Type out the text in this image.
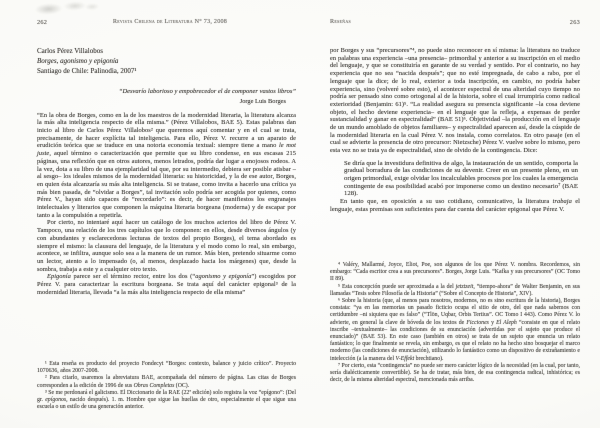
262	Revista Chilena de Literatura N° 73, 2008	Reseñas	263
Carlos Pérez Villalobos
Borges, agonismo y epigonía
Santiago de Chile: Palinodia, 2007¹
“Desvarío laborioso y empobrecedor el de componer vastos libros”
Jorge Luis Borges

“En la obra de Borges, como en la de los maestros de la modernidad literaria, la literatura alcanza la más alta inteligencia respecto de ella misma.” (Pérez Villalobos, BAE 5). Estas palabras dan inicio al libro de Carlos Pérez Villalobos² que queremos aquí comentar y en el cual se trata, precisamente, de hacer explícita tal inteligencia. Para ello, Pérez V. recurre a un aparato de erudición teórica que se traduce en una notoria economía textual: siempre tiene a mano le mot juste, aquel término o caracterización que permite que su libro condense, en sus escasas 215 páginas, una reflexión que en otros autores, menos letrados, podría dar lugar a enojosos rodeos. A la vez, dota a su libro de una ejemplaridad tal que, por su intermedio, debiera ser posible atisbar –al sesgo– los ideales mismos de la modernidad literaria: su historicidad, y la de ese autor, Borges, en quien ésta alcanzaría su más alta inteligencia. Si se tratase, como invita a hacerlo una crítica ya más bien pasada, de “olvidar a Borges”, tal invitación solo podría ser acogida por quienes, como Pérez V., hayan sido capaces de “recordarlo”: es decir, de hacer manifiestos los engranajes intelectuales y literarios que componen la máquina literaria borgeana (moderna) y de escapar por tanto a la compulsión a repetirla.

Por cierto, no intentaré aquí hacer un catálogo de los muchos aciertos del libro de Pérez V. Tampoco, una relación de los tres capítulos que lo componen: en ellos, desde diversos ángulos (y con abundantes y esclarecedoras lecturas de textos del propio Borges), el tema abordado es siempre el mismo: la clausura del lenguaje, de la literatura y el modo como lo real, sin embargo, acontece, se infiltra, aunque solo sea a la manera de un rumor. Más bien, pretendo situarme como un lector, atento a lo impensado (o, al menos, desplazado hacia los márgenes) que, desde la sombra, trabaja a este y a cualquier otro texto.

Epigonía parece ser el término rector, entre los dos (“agonismo y epigonía”) escogidos por Pérez V. para caracterizar la escritura borgeana. Se trata aquí del carácter epigonal³ de la modernidad literaria, llevada “a la más alta inteligencia respecto de ella misma”

¹ Esta reseña es producto del proyecto Fondecyt “Borges: contexto, balance y juicio crítico”. Proyecto 1070636, años 2007-2008.

² Para citarlo, usaremos la abreviatura BAE, acompañada del número de página. Las citas de Borges corresponden a la edición de 1996 de sus Obras Completas (OC).

³ Se me perdonará el galicismo. El Diccionario de la RAE (22ª edición) solo registra la voz “epígono”: (Del gr. epígonos, nacido después). 1. m. Hombre que sigue las huellas de otro, especialmente el que sigue una escuela o un estilo de una generación anterior.

por Borges y sus “precursores”⁴, no puede sino reconocer en sí misma: la literatura no traduce en palabras una experiencia –una presencia– primordial y anterior a su inscripción en el medio del lenguaje, y que se constituiría en garante de su verdad y sentido. Por el contrario, no hay experiencia que no sea “nacida después”; que no esté impregnada, de cabo a rabo, por el lenguaje que la dice; de lo real, exterior a toda inscripción, en cambio, no podría haber experiencia, sino (volveré sobre esto), el acontecer espectral de una alteridad cuyo tiempo no podría ser pensado sino como ortogonal al de la historia, sobre el cual irrumpiría como radical exterioridad (Benjamin: 61)⁵. “La realidad asegura su presencia significante –la cosa deviene objeto, el hecho deviene experiencia– en el lenguaje que la refleja, a expensas de perder sustancialidad y ganar en espectralidad” (BAE 51)⁶. Objetividad –la producción en el lenguaje de un mundo amoblado de objetos familiares– y espectralidad aparecen así, desde la cúspide de la modernidad literaria en la cual Pérez V. nos instala, como correlatos. En otro pasaje (en el cual se advierte la presencia de otro precursor: Nietzsche) Pérez V. vuelve sobre lo mismo, pero esta vez no se trata ya de espectralidad, sino de olvido de la contingencia. Dice:

Se diría que la investidura definitiva de algo, la instauración de un sentido, comporta la gradual borradura de las condiciones de su devenir. Creer en un presente pleno, en un origen primordial, exige olvidar los incalculables procesos por los cuales la emergencia contingente de esa posibilidad acabó por imponerse como un destino necesario⁷ (BAE 128).

En tanto que, en oposición a su uso cotidiano, comunicativo, la literatura trabaja el lenguaje, estas premisas son suficientes para dar cuenta del carácter epigonal que Pérez V.

⁴ Valéry, Mallarmé, Joyce, Eliot, Poe, son algunos de los que Pérez V. nombra. Recordemos, sin embargo: “Cada escritor crea a sus precursores”. Borges, Jorge Luis. “Kafka y sus precursores” (OC Tomo II 89).

⁵ Esta concepción puede ser aproximada a la del jetztzeit, “tiempo-ahora” de Walter Benjamin, en sus llamadas “Tesis sobre Filosofía de la Historia” (“Sobre el Concepto de Historia”, XIV).

⁶ Sobre la historia (que, al menos para nosotros, modernos, no es sino escritura de la historia), Borges constata: “ya en las memorias un pasado ficticio ocupa el sitio de otro, del que nada sabemos con certidumbre –ni siquiera que es falso” (“Tlön, Uqbar, Orbis Tertius”. OC Tomo I 443). Como Pérez V. lo advierte, en general la clave de bóveda de los textos de Ficciones y El Aleph “consiste en que el relato inscribe –textualmente– las condiciones de su enunciación (advertidas por el sujeto que produce el enunciado)” (BAE 53). En este caso (también en otros) se trata de un sujeto que enuncia un relato fantástico; lo que finalmente se revela, sin embargo, es que el relato no ha hecho sino bosquejar el marco moderno (las condiciones de enunciación), utilizando lo fantástico como un dispositivo de extrañamiento e intelección (a la manera del V-Effekt brechtiano).

⁷ Por cierto, esta “contingencia” no puede ser mero carácter lógico de la necesidad (en la cual, por tanto, sería dialécticamente convertible). Se ha de tratar, más bien, de esa contingencia radical, inhistórica; es decir, de la misma alteridad espectral, mencionada más arriba.
